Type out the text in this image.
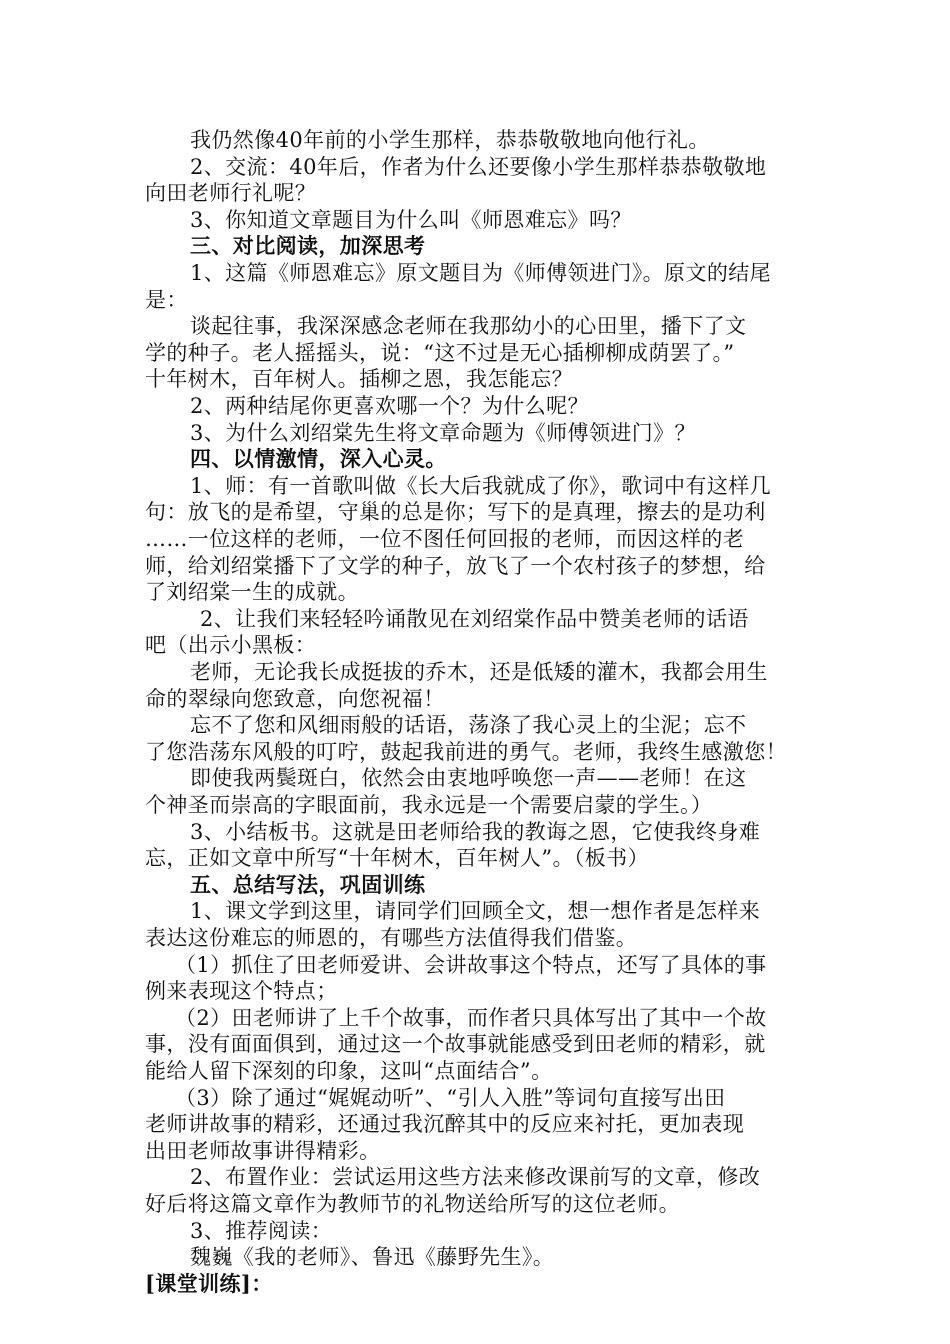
我仍然像40年前的小学生那样，恭恭敬敬地向他行礼。
2、交流：40年后，作者为什么还要像小学生那样恭恭敬敬地
向田老师行礼呢？
3、你知道文章题目为什么叫《师恩难忘》吗？
三、对比阅读，加深思考
1、这篇《师恩难忘》原文题目为《师傅领进门》。原文的结尾
是：
谈起往事，我深深感念老师在我那幼小的心田里，播下了文
学的种子。老人摇摇头，说：“这不过是无心插柳柳成荫罢了。”
十年树木，百年树人。插柳之恩，我怎能忘？
2、两种结尾你更喜欢哪一个？为什么呢？
3、为什么刘绍棠先生将文章命题为《师傅领进门》？
四、以情激情，深入心灵。
1、师：有一首歌叫做《长大后我就成了你》，歌词中有这样几
句：放飞的是希望，守巢的总是你；写下的是真理，擦去的是功利
……一位这样的老师，一位不图任何回报的老师，而因这样的老
师，给刘绍棠播下了文学的种子，放飞了一个农村孩子的梦想，给
了刘绍棠一生的成就。
2、让我们来轻轻吟诵散见在刘绍棠作品中赞美老师的话语
吧（出示小黑板：
老师，无论我长成挺拔的乔木，还是低矮的灌木，我都会用生
命的翠绿向您致意，向您祝福！
忘不了您和风细雨般的话语，荡涤了我心灵上的尘泥；忘不
了您浩荡东风般的叮咛，鼓起我前进的勇气。老师，我终生感激您！
即使我两鬓斑白，依然会由衷地呼唤您一声——老师！在这
个神圣而崇高的字眼面前，我永远是一个需要启蒙的学生。）
3、小结板书。这就是田老师给我的教诲之恩，它使我终身难
忘，正如文章中所写“十年树木，百年树人”。（板书）
五、总结写法，巩固训练
1、课文学到这里，请同学们回顾全文，想一想作者是怎样来
表达这份难忘的师恩的，有哪些方法值得我们借鉴。
（1）抓住了田老师爱讲、会讲故事这个特点，还写了具体的事
例来表现这个特点；
（2）田老师讲了上千个故事，而作者只具体写出了其中一个故
事，没有面面俱到，通过这一个故事就能感受到田老师的精彩，就
能给人留下深刻的印象，这叫“点面结合”。
（3）除了通过“娓娓动听”、“引人入胜”等词句直接写出田
老师讲故事的精彩，还通过我沉醉其中的反应来衬托，更加表现
出田老师故事讲得精彩。
2、布置作业：尝试运用这些方法来修改课前写的文章，修改
好后将这篇文章作为教师节的礼物送给所写的这位老师。
3、推荐阅读：
魏巍《我的老师》、鲁迅《藤野先生》。
[课堂训练]：
